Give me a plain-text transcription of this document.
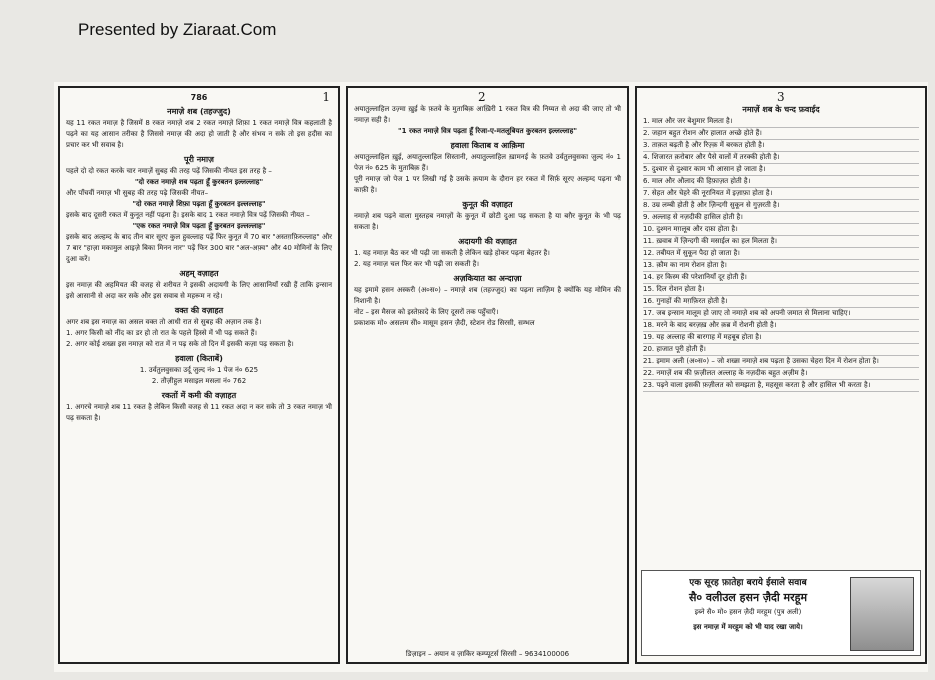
Presented by Ziaraat.Com
1

786

नमाज़े शब (तहज्जुद)

यह 11 रकत नमाज़ है जिसमें 8 रकत नमाज़े शब 2 रकत नमाज़े शिफ़ा 1 रकत नमाज़े वित्र कहलाती है पढ़ने का यह आसान तरीका है जिससे नमाज़ की अदा हो जाती है और संभव न सके तो इस हदीस का प्रचार कर भी सवाब है।

पूरी नमाज़

पहले दो दो रकत करके चार नमाज़ें सुबह की तरह पढ़ें जिसकी नीयत इस तरह है –

"दो रकत नमाज़े शब पढ़ता हूँ कुरबतन इल्लल्लाह"

और पाँचवीं नमाज़ भी सुबह की तरह पढ़े जिसकी नीयत–

"दो रकत नमाज़े शिफ़ा पढ़ता हूँ कुरबतन इल्लल्लाह"

इसके बाद दूसरी रकत में कुनूत नहीं पढ़ना है। इसके बाद 1 रकत नमाज़े वित्र पढ़ें जिसकी नीयत –

"एक रकत नमाज़े वित्र पढ़ता हूँ कुरबतन इल्लल्लाह"

इसके बाद अल्हम्द के बाद तीन बार सूरए कुल हुवल्लाह पढ़ें फिर कुनूत में 70 बार "अस्तग़फ़िरुल्लाह" और 7 बार "हाज़ा मकामुल आइज़े बिका मिनन नार" पढ़ें फिर 300 बार "अल-अफ़्व" और 40 मोमिनों के लिए दुआ करें।

अहम् वज़ाहत

इस नमाज़ की अहमियत की वजह से शरीयत ने इसकी अदायगी के लिए आसानियाँ रखी हैं ताकि इन्सान इसे आसानी से अदा कर सके और इस सवाब से महरूम न रहे।

वक्त की वज़ाहत

अगर शब इस नमाज़ का असल वक्त तो आधी रात से सुबह की अज़ान तक है।

1. अगर किसी को नींद का डर हो तो रात के पहले हिस्से में भी पढ़ सकते हैं।

2. अगर कोई शख्स इस नमाज़ को रात में न पढ़ सके तो दिन में इसकी कज़ा पढ़ सकता है।

हवाला (किताबें)

1. उर्वतुलवुसका उर्दू जुल्द नं० 1 पेज नं० 625

2. तौज़ीहुल मसाइल मसला नं० 762

रकतों में कमी की वज़ाहत

1. अगरचे नमाज़े शब 11 रकत है लेकिन किसी वजह से 11 रकत अदा न कर सके तो 3 रकत नमाज़ भी पढ़ सकता है।

2

अयातुल्लाहिल उज़्मा ख़ुई के फ़तवे के मुताबिक़ आख़िरी 1 रकत वित्र की निय्यत से अदा की जाए तो भी नमाज़ सही है।

"1 रकत नमाज़े वित्र पढ़ता हूँ रिजा-ए-मतलूबियत कुरबतन इल्लल्लाह"

हवाला किताब व आक़िमा

अयातुल्लाहिल ख़ुई, अयातुल्लाहिल सिस्तानी, अयातुल्लाहिल ख़ामनई के फ़तवे उर्वतुलवुसका जुल्द नं० 1 पेज नं० 625 के मुताबिक़ हैं।

पूरी नमाज़ जो पेज 1 पर लिखी गई है उसके क़याम के दौरान हर रकत में सिर्फ़ सूरए अल्हम्द पढ़ना भी काफ़ी है।

कुनूत की वज़ाहत

नमाज़े शब पढ़ने वाला मुस्तहब नमाज़ों के कुनूत में छोटी दुआ पढ़ सकता है या बग़ैर कुनूत के भी पढ़ सकता है।

अदायगी की वज़ाहत

1. यह नमाज़ बैठ कर भी पढ़ी जा सकती है लेकिन खड़े होकर पढ़ना बेहतर है।

2. यह नमाज़ चल फिर कर भी पढ़ी जा सकती है।

अज़कियात का अन्दाज़ा

यह इमामे हसन अस्करी (अ०स०) – नमाज़े शब (तहज्जुद) का पढ़ना लाज़िम है क्योंकि यह मोमिन की निशानी है।

नोट – इस मैसज को इस्तेफ़ादे के लिए दूसरों तक पहुँचाएँ।

प्रकाशक मो० असलम सेो० मासूम हसन ज़ैदी, स्टेशन रोड सिरसी, सम्भल

डिज़ाइन – अयान व ज़ाकिर कम्प्यूटर्स सिरसी – 9634100006

3

नमाज़ें शब के चन्द फ़वाईद

1. माल और जर बेशुमार मिलता है।

2. जहान बहुत रोशन और हालात अच्छे होते हैं।

3. ताक़त बढ़ती है और रिज़्क़ में बरकत होती है।

4. शिजारत क़रोबार और पैसे वालों में तरक्की होती है।

5. दुश्वार से दुश्वार काम भी आसान हो जाता है।

6. माल और औलाद की हिफ़ाज़त होती है।

7. सेहत और चेहरे की नूरानियत में इज़ाफ़ा होता है।

8. उम्र लम्बी होती है और ज़िन्दगी सुकून से गुज़रती है।

9. अल्लाह से नज़दीकी हासिल होती है।

10. दुश्मन मग़लूब और दफ़ा होता है।

11. ख़वाब में ज़िन्दगी की मसाईल का हल मिलता है।

12. तबीयत में सुकून पैदा हो जाता है।

13. क़ौम का नाम रोशन होता है।

14. हर किस्म की परेशानियाँ दूर होती हैं।

15. दिल रोशन होता है।

16. गुनाहों की मग़फ़िरत होती है।

17. जब इन्सान मालूम हो जाए तो नमाज़े शब को अपनी जमात से मिलाना चाहिए।

18. मरने के बाद बरज़ख़ और क़ब्र में रोशनी होती है।

19. यह अल्लाह की बारगाह में महबूब होता है।

20. हाजात पूरी होती हैं।

21. इमाम अली (अ०स०) – जो शख्स नमाज़े शब पढ़ता है उसका चेहरा दिन में रोशन होता है।

22. नमाज़ें शब की फ़ज़ीलत अल्लाह के नज़दीक बहुत अज़ीम है।

23. पढ़ने वाला इसकी फ़ज़ीलत को समझता है, महसूस करता है और हासिल भी करता है।

एक सूरह फ़ातेहा बराये ईसाले सवाब

सै० वलीउल हसन ज़ैदी मरहूम

इब्ने सै० मो० हसन ज़ैदी मरहूम (पुत्र अली)

इस नमाज़ में मरहूम को भी याद रखा जाये।
